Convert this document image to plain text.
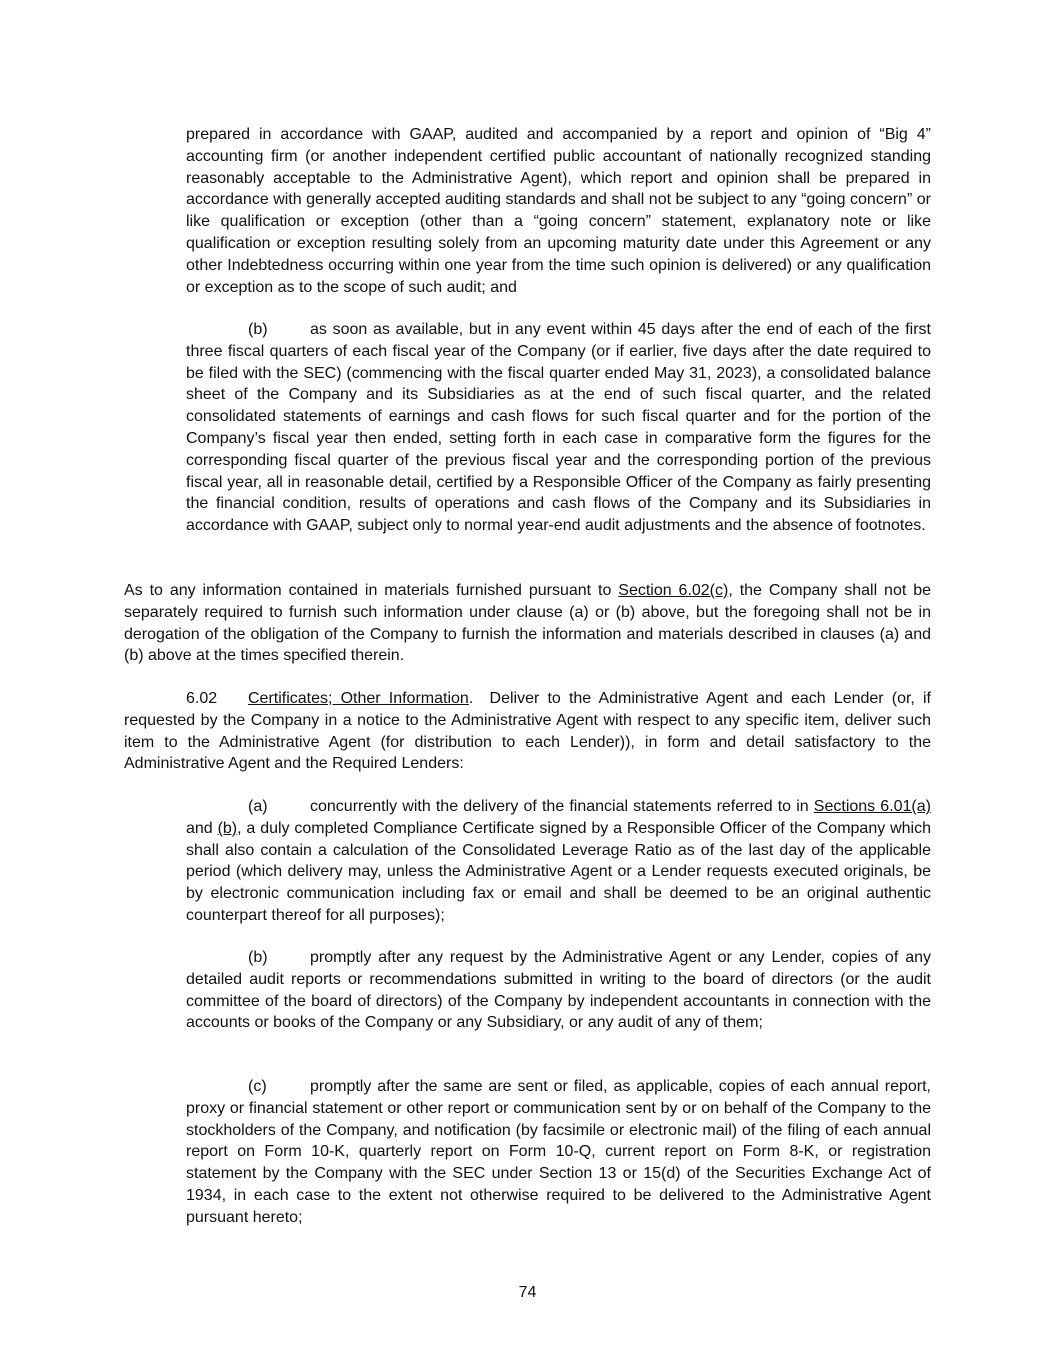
prepared in accordance with GAAP, audited and accompanied by a report and opinion of “Big 4” accounting firm (or another independent certified public accountant of nationally recognized standing reasonably acceptable to the Administrative Agent), which report and opinion shall be prepared in accordance with generally accepted auditing standards and shall not be subject to any “going concern” or like qualification or exception (other than a “going concern” statement, explanatory note or like qualification or exception resulting solely from an upcoming maturity date under this Agreement or any other Indebtedness occurring within one year from the time such opinion is delivered) or any qualification or exception as to the scope of such audit; and

(b)	as soon as available, but in any event within 45 days after the end of each of the first three fiscal quarters of each fiscal year of the Company (or if earlier, five days after the date required to be filed with the SEC) (commencing with the fiscal quarter ended May 31, 2023), a consolidated balance sheet of the Company and its Subsidiaries as at the end of such fiscal quarter, and the related consolidated statements of earnings and cash flows for such fiscal quarter and for the portion of the Company’s fiscal year then ended, setting forth in each case in comparative form the figures for the corresponding fiscal quarter of the previous fiscal year and the corresponding portion of the previous fiscal year, all in reasonable detail, certified by a Responsible Officer of the Company as fairly presenting the financial condition, results of operations and cash flows of the Company and its Subsidiaries in accordance with GAAP, subject only to normal year-end audit adjustments and the absence of footnotes.

As to any information contained in materials furnished pursuant to Section 6.02(c), the Company shall not be separately required to furnish such information under clause (a) or (b) above, but the foregoing shall not be in derogation of the obligation of the Company to furnish the information and materials described in clauses (a) and (b) above at the times specified therein.

6.02 Certificates; Other Information.  Deliver to the Administrative Agent and each Lender (or, if requested by the Company in a notice to the Administrative Agent with respect to any specific item, deliver such item to the Administrative Agent (for distribution to each Lender)), in form and detail satisfactory to the Administrative Agent and the Required Lenders:

(a)	concurrently with the delivery of the financial statements referred to in Sections 6.01(a) and (b), a duly completed Compliance Certificate signed by a Responsible Officer of the Company which shall also contain a calculation of the Consolidated Leverage Ratio as of the last day of the applicable period (which delivery may, unless the Administrative Agent or a Lender requests executed originals, be by electronic communication including fax or email and shall be deemed to be an original authentic counterpart thereof for all purposes);

(b)	promptly after any request by the Administrative Agent or any Lender, copies of any detailed audit reports or recommendations submitted in writing to the board of directors (or the audit committee of the board of directors) of the Company by independent accountants in connection with the accounts or books of the Company or any Subsidiary, or any audit of any of them;

(c)	promptly after the same are sent or filed, as applicable, copies of each annual report, proxy or financial statement or other report or communication sent by or on behalf of the Company to the stockholders of the Company, and notification (by facsimile or electronic mail) of the filing of each annual report on Form 10-K, quarterly report on Form 10-Q, current report on Form 8-K, or registration statement by the Company with the SEC under Section 13 or 15(d) of the Securities Exchange Act of 1934, in each case to the extent not otherwise required to be delivered to the Administrative Agent pursuant hereto;

74
